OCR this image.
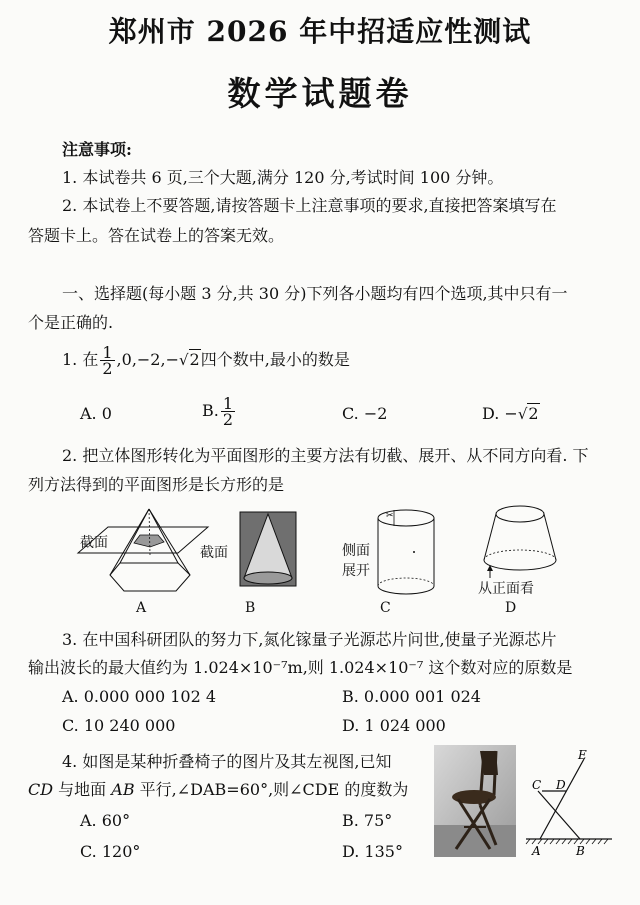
郑州市 2026 年中招适应性测试
数学试题卷
注意事项:
1. 本试卷共 6 页,三个大题,满分 120 分,考试时间 100 分钟。
2. 本试卷上不要答题,请按答题卡上注意事项的要求,直接把答案填写在
答题卡上。答在试卷上的答案无效。
一、选择题(每小题 3 分,共 30 分)下列各小题均有四个选项,其中只有一
个是正确的.
1. 在 $\frac{1}{2} ,0,-2,-√2$四个数中,最小的数是
A. 0	B. $\frac{1}{2}$	C. −2	D. −√2
2. 把立体图形转化为平面图形的主要方法有切截、展开、从不同方向看. 下
列方法得到的平面图形是长方形的是
截面
截面
✂
侧面
展开
从正面看
A	B	C	D
3. 在中国科研团队的努力下,氮化镓量子光源芯片问世,使量子光源芯片
输出波长的最大值约为 1.024×10⁻⁷m,则 1.024×10⁻⁷ 这个数对应的原数是
A. 0.000 000 102 4	B. 0.000 001 024
C. 10 240 000	D. 1 024 000
4. 如图是某种折叠椅子的图片及其左视图,已知
CD 与地面 AB 平行,∠DAB=60°,则∠CDE 的度数为
A. 60°	B. 75°
C. 120°	D. 135°
E
C D
A	B
